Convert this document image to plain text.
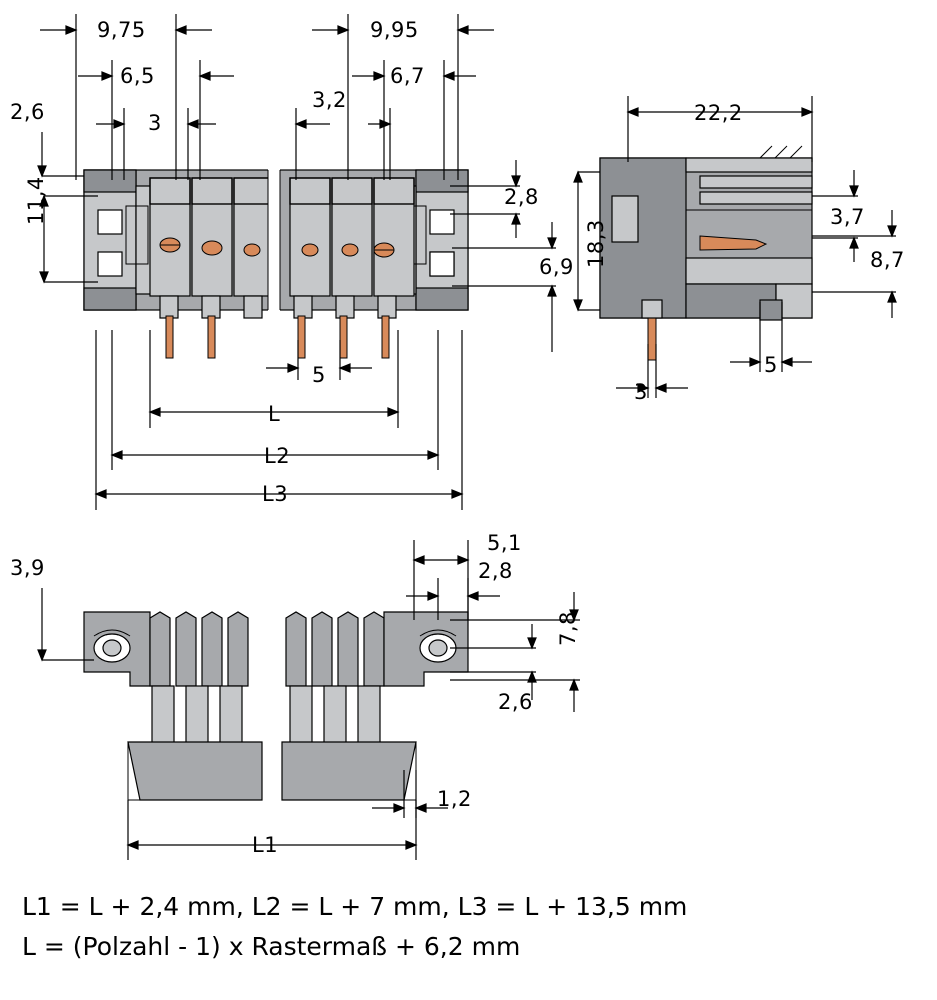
9,75
6,5
3
2,6
11,4
9,95
6,7
3,2
2,8
6,9
5
L
L2
L3
22,2
18,3
3,7
8,7
5
3
3,9
5,1
2,8
7,8
2,6
1,2
L1
L1 = L + 2,4 mm, L2 = L + 7 mm, L3 = L + 13,5 mm
L = (Polzahl - 1) x Rastermaß + 6,2 mm
